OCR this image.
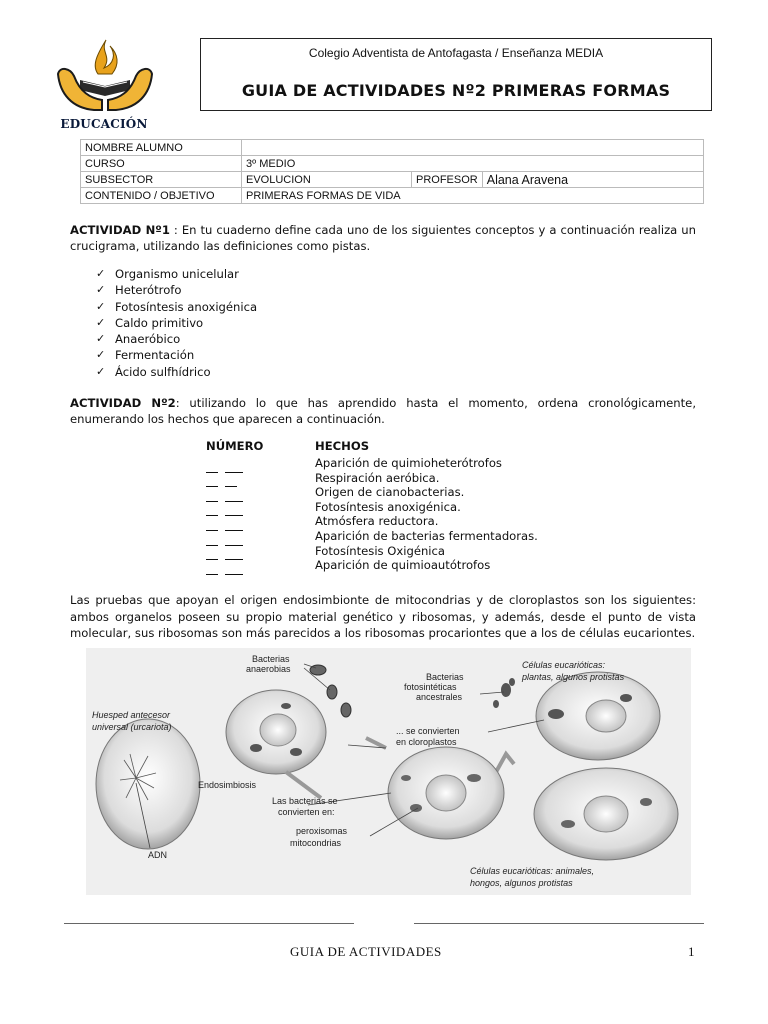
EDUCACIÓN
Colegio Adventista de Antofagasta / Enseñanza MEDIA
GUIA DE ACTIVIDADES Nº2 PRIMERAS FORMAS
NOMBRE ALUMNO			
CURSO	3º MEDIO		
SUBSECTOR	EVOLUCION	PROFESOR	Alana Aravena
CONTENIDO / OBJETIVO	PRIMERAS FORMAS DE VIDA		
ACTIVIDAD Nº1 : En tu cuaderno define cada uno de los siguientes conceptos y a continuación realiza un crucigrama, utilizando las definiciones como pistas.
✓ Organismo unicelular
✓ Heterótrofo
✓ Fotosíntesis anoxigénica
✓ Caldo primitivo
✓ Anaeróbico
✓ Fermentación
✓ Ácido sulfhídrico
ACTIVIDAD Nº2: utilizando lo que has aprendido hasta el momento, ordena cronológicamente, enumerando los hechos que aparecen a continuación.
NÚMERO	HECHOS

Aparición de quimioheterótrofos
Respiración aeróbica.
Origen de cianobacterias.
Fotosíntesis anoxigénica.
Atmósfera reductora.
Aparición de bacterias fermentadoras.
Fotosíntesis Oxigénica
Aparición de quimioautótrofos
Las pruebas que apoyan el origen endosimbionte de mitocondrias y de cloroplastos son los siguientes: ambos organelos poseen su propio material genético y ribosomas, y además, desde el punto de vista molecular, sus ribosomas son más parecidos a los ribosomas procariontes que a los de células eucariontes.
Bacterias
anaerobias
Huesped antecesor
universal (urcariota)
Bacterias
fotosintéticas
ancestrales
Células eucarióticas:
plantas, algunos protistas
... se convierten
en cloroplastos
Endosimbiosis
Las bacterias se
convierten en:
peroxisomas
mitocondrias
ADN
Células eucarióticas: animales,
hongos, algunos protistas
GUIA DE ACTIVIDADES	1
